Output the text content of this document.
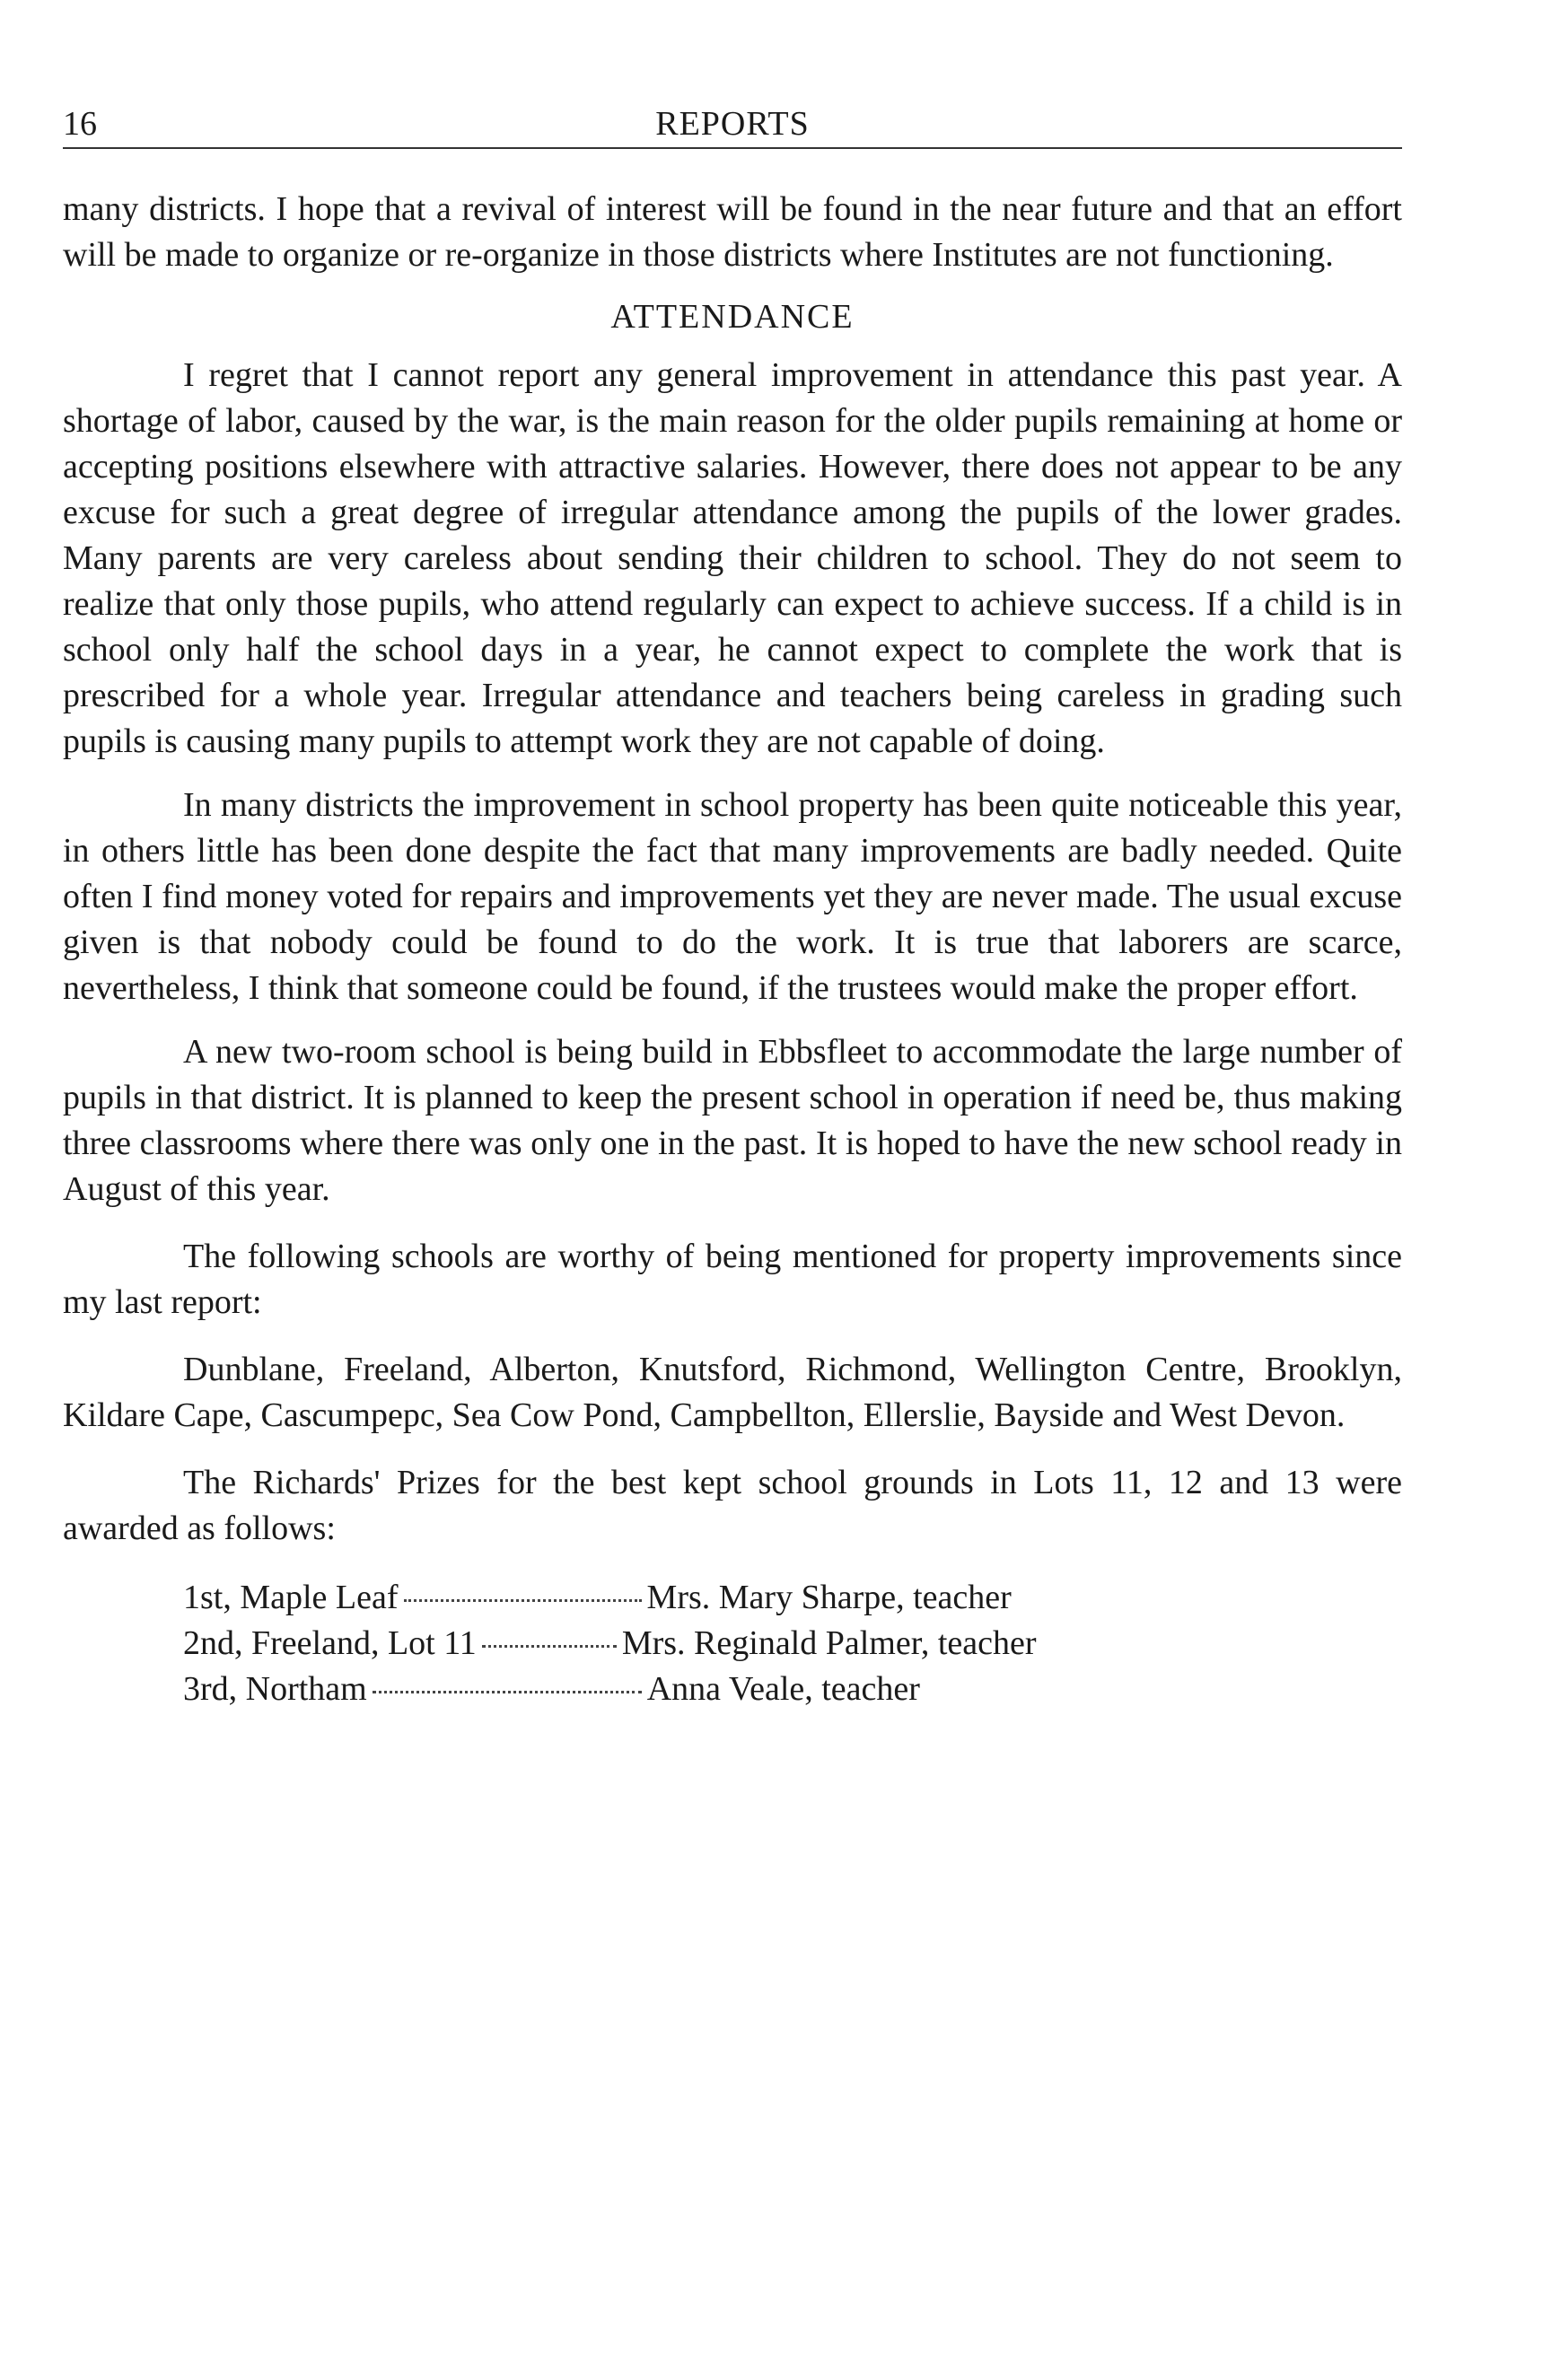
16	REPORTS

many districts. I hope that a revival of interest will be found in the near future and that an effort will be made to organize or re-organize in those districts where Institutes are not functioning.

ATTENDANCE

I regret that I cannot report any general improvement in attendance this past year. A shortage of labor, caused by the war, is the main reason for the older pupils remaining at home or accepting positions elsewhere with attractive salaries. However, there does not appear to be any excuse for such a great degree of irregular attendance among the pupils of the lower grades. Many parents are very careless about sending their children to school. They do not seem to realize that only those pupils, who attend regularly can expect to achieve success. If a child is in school only half the school days in a year, he cannot expect to complete the work that is prescribed for a whole year. Irregular attendance and teachers being careless in grading such pupils is causing many pupils to attempt work they are not capable of doing.

In many districts the improvement in school property has been quite noticeable this year, in others little has been done despite the fact that many improvements are badly needed. Quite often I find money voted for repairs and improvements yet they are never made. The usual excuse given is that nobody could be found to do the work. It is true that laborers are scarce, nevertheless, I think that someone could be found, if the trustees would make the proper effort.

A new two-room school is being build in Ebbsfleet to accommodate the large number of pupils in that district. It is planned to keep the present school in operation if need be, thus making three classrooms where there was only one in the past. It is hoped to have the new school ready in August of this year.

The following schools are worthy of being mentioned for property improvements since my last report:

Dunblane, Freeland, Alberton, Knutsford, Richmond, Wellington Centre, Brooklyn, Kildare Cape, Cascumpepc, Sea Cow Pond, Campbellton, Ellerslie, Bayside and West Devon.

The Richards' Prizes for the best kept school grounds in Lots 11, 12 and 13 were awarded as follows:

1st, Maple Leaf	Mrs. Mary Sharpe, teacher
2nd, Freeland, Lot 11	Mrs. Reginald Palmer, teacher
3rd, Northam	Anna Veale, teacher
